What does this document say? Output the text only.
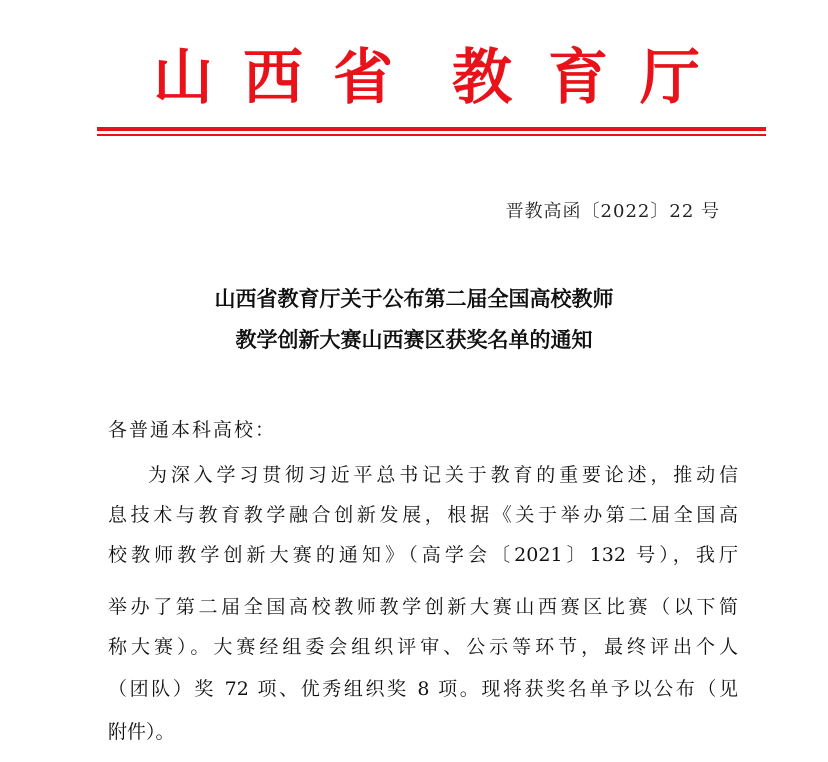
山 西 省 教 育 厅
晋教高函〔2022〕22 号
山西省教育厅关于公布第二届全国高校教师
教学创新大赛山西赛区获奖名单的通知
各普通本科高校：
为深入学习贯彻习近平总书记关于教育的重要论述，推动信
息技术与教育教学融合创新发展，根据《关于举办第二届全国高
校教师教学创新大赛的通知》（高学会〔2021〕132 号），我厅
举办了第二届全国高校教师教学创新大赛山西赛区比赛（以下简
称大赛）。大赛经组委会组织评审、公示等环节，最终评出个人
（团队）奖 72 项、优秀组织奖 8 项。现将获奖名单予以公布（见
附件）。
